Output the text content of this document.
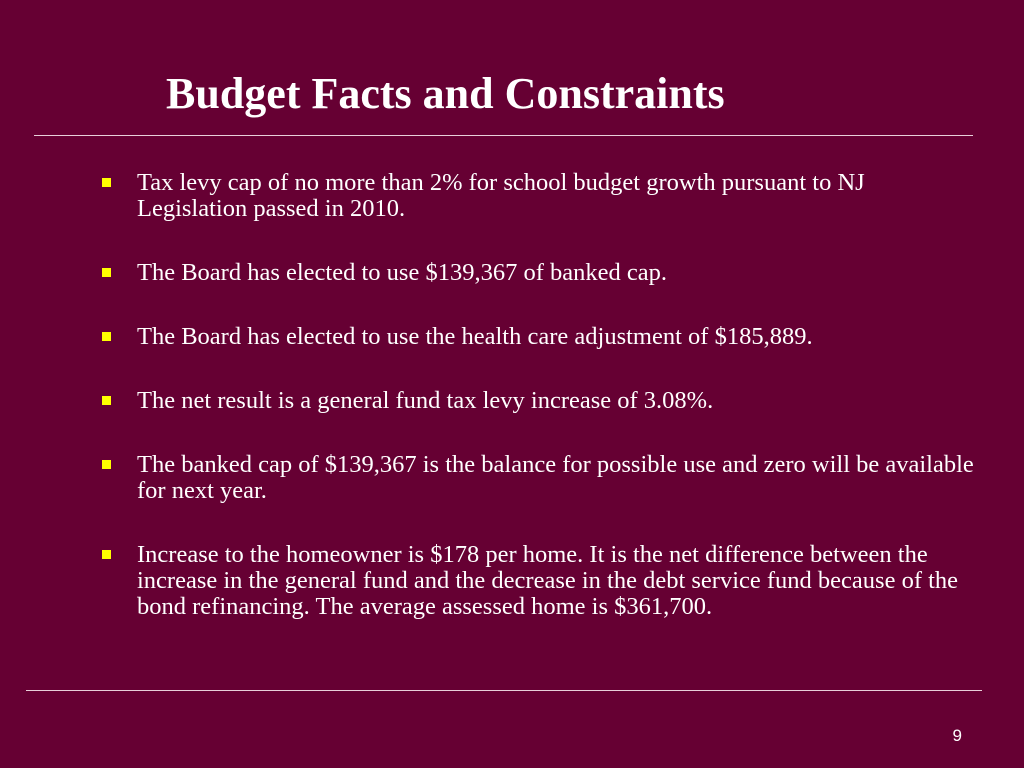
Budget Facts and Constraints
Tax levy cap of no more than 2% for school budget growth pursuant to NJ Legislation passed in 2010.
The Board has elected to use $139,367 of banked cap.
The Board has elected to use the health care adjustment of $185,889.
The net result is a general fund tax levy increase of 3.08%.
The banked cap of $139,367 is the balance for possible use and zero will be available for next year.
Increase to the homeowner is $178 per home. It is the net difference between the increase in the general fund and the decrease in the debt service fund because of the bond refinancing. The average assessed home is $361,700.
9
